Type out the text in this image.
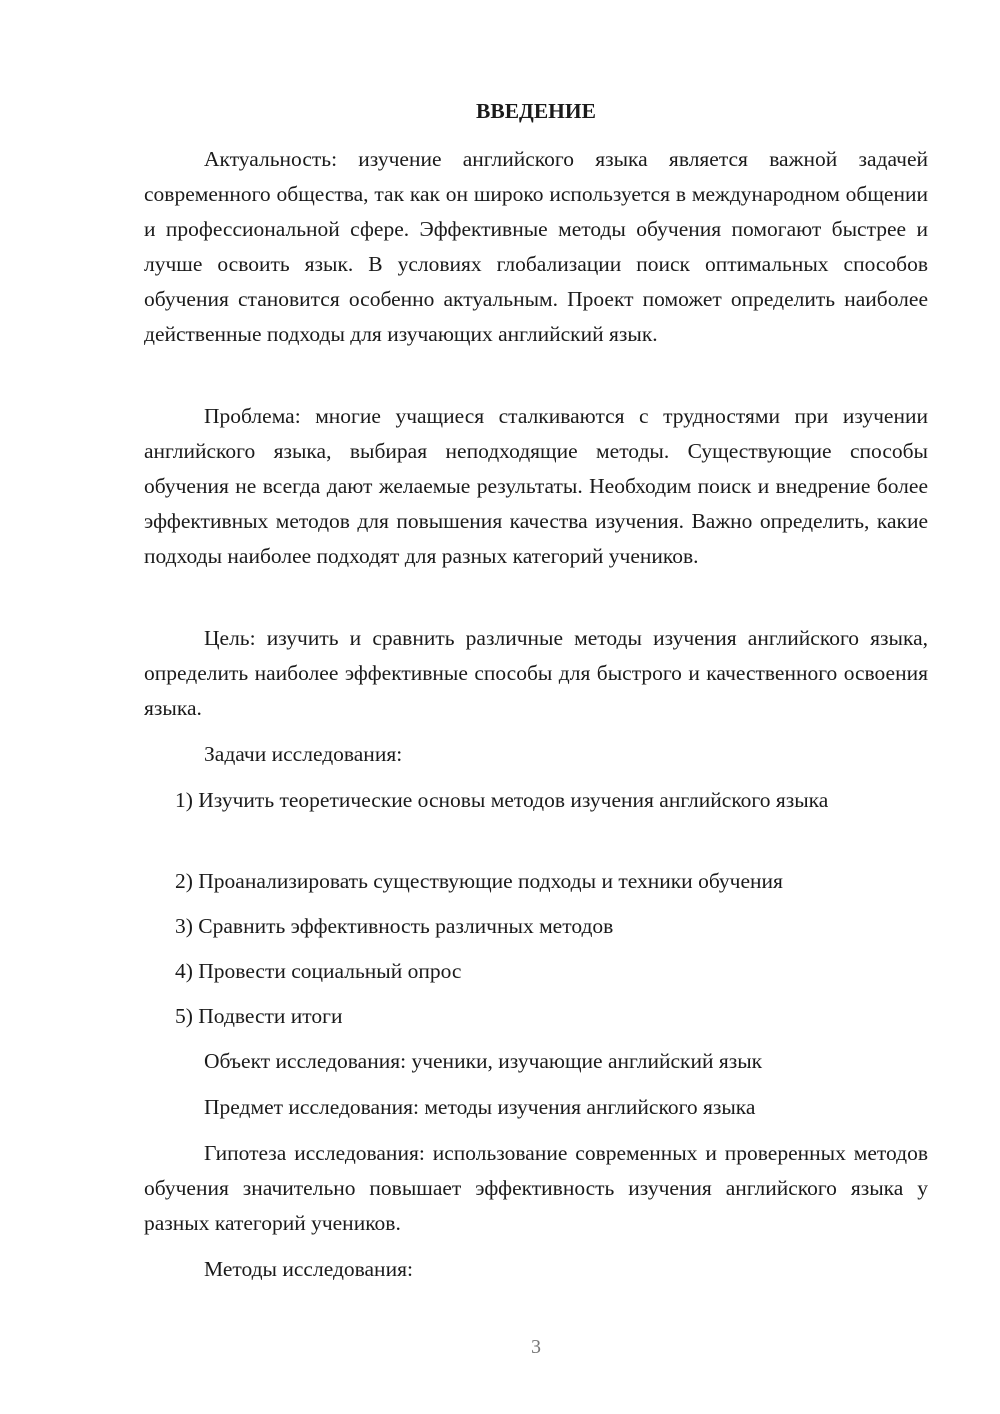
ВВЕДЕНИЕ

Актуальность: изучение английского языка является важной задачей современного общества, так как он широко используется в международном общении и профессиональной сфере. Эффективные методы обучения помогают быстрее и лучше освоить язык. В условиях глобализации поиск оптимальных способов обучения становится особенно актуальным. Проект поможет определить наиболее действенные подходы для изучающих английский язык.

Проблема: многие учащиеся сталкиваются с трудностями при изучении английского языка, выбирая неподходящие методы. Существующие способы обучения не всегда дают желаемые результаты. Необходим поиск и внедрение более эффективных методов для повышения качества изучения. Важно определить, какие подходы наиболее подходят для разных категорий учеников.

Цель: изучить и сравнить различные методы изучения английского языка, определить наиболее эффективные способы для быстрого и качественного освоения языка.

Задачи исследования:

1) Изучить теоретические основы методов изучения английского языка

2) Проанализировать существующие подходы и техники обучения

3) Сравнить эффективность различных методов

4) Провести социальный опрос

5) Подвести итоги

Объект исследования: ученики, изучающие английский язык

Предмет исследования: методы изучения английского языка

Гипотеза исследования: использование современных и проверенных методов обучения значительно повышает эффективность изучения английского языка у разных категорий учеников.

Методы исследования:

3
